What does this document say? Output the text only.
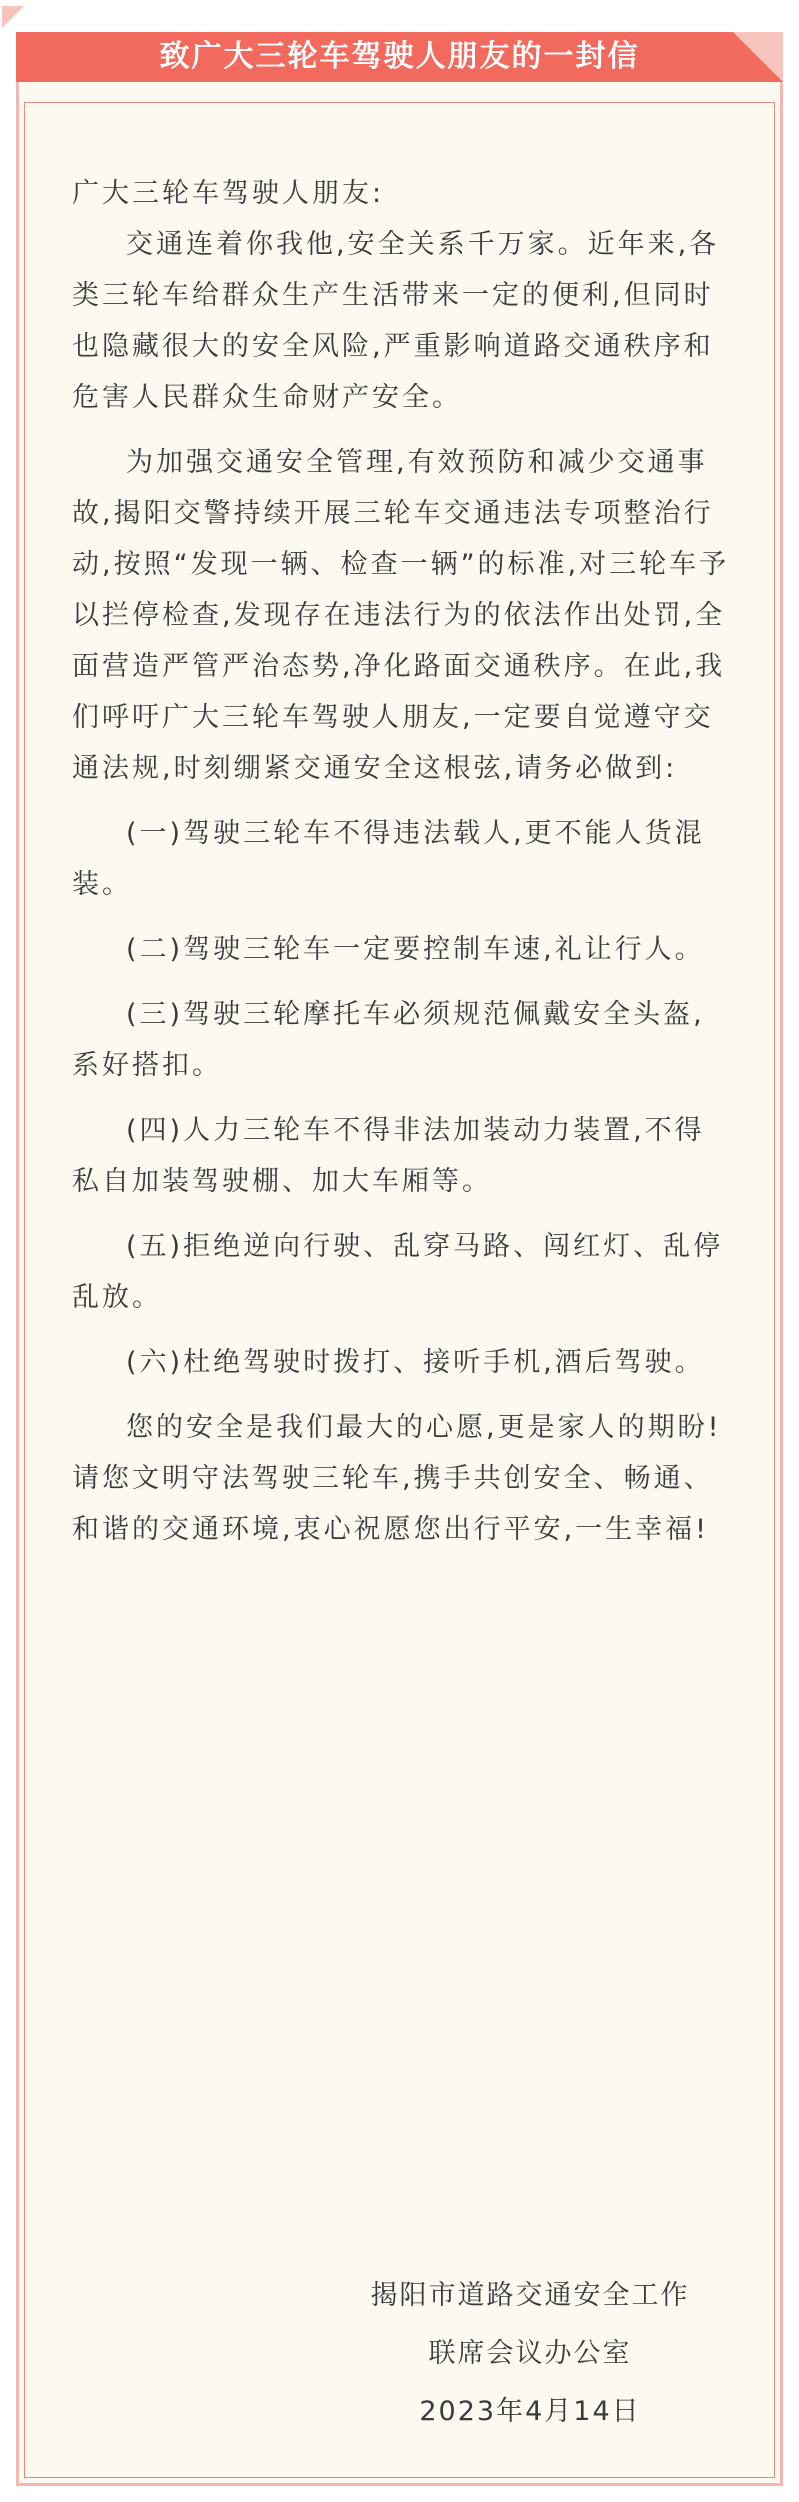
致广大三轮车驾驶人朋友的一封信

广大三轮车驾驶人朋友:

交通连着你我他,安全关系千万家。近年来,各类三轮车给群众生产生活带来一定的便利,但同时也隐藏很大的安全风险,严重影响道路交通秩序和危害人民群众生命财产安全。

为加强交通安全管理,有效预防和减少交通事故,揭阳交警持续开展三轮车交通违法专项整治行动,按照“发现一辆、检查一辆”的标准,对三轮车予以拦停检查,发现存在违法行为的依法作出处罚,全面营造严管严治态势,净化路面交通秩序。在此,我们呼吁广大三轮车驾驶人朋友,一定要自觉遵守交通法规,时刻绷紧交通安全这根弦,请务必做到:

(一)驾驶三轮车不得违法载人,更不能人货混装。

(二)驾驶三轮车一定要控制车速,礼让行人。

(三)驾驶三轮摩托车必须规范佩戴安全头盔,系好搭扣。

(四)人力三轮车不得非法加装动力装置,不得私自加装驾驶棚、加大车厢等。

(五)拒绝逆向行驶、乱穿马路、闯红灯、乱停乱放。

(六)杜绝驾驶时拨打、接听手机,酒后驾驶。

您的安全是我们最大的心愿,更是家人的期盼!请您文明守法驾驶三轮车,携手共创安全、畅通、和谐的交通环境,衷心祝愿您出行平安,一生幸福!

揭阳市道路交通安全工作
联席会议办公室
2023年4月14日
